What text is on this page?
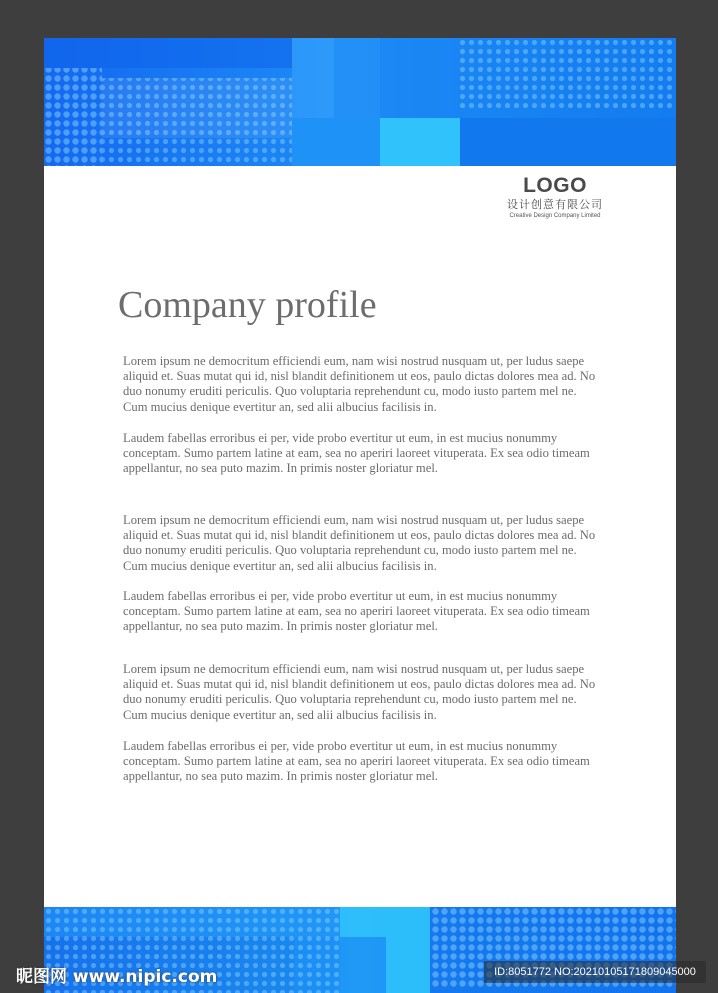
LOGO
设计创意有限公司
Creative Design Company Limited
Company profile

Lorem ipsum ne democritum efficiendi eum, nam wisi nostrud nusquam ut, per ludus saepe aliquid et. Suas mutat qui id, nisl blandit definitionem ut eos, paulo dictas dolores mea ad. No duo nonumy eruditi periculis. Quo voluptaria reprehendunt cu, modo iusto partem mel ne. Cum mucius denique evertitur an, sed alii albucius facilisis in.

Laudem fabellas erroribus ei per, vide probo evertitur ut eum, in est mucius nonummy conceptam. Sumo partem latine at eam, sea no aperiri laoreet vituperata. Ex sea odio timeam appellantur, no sea puto mazim. In primis noster gloriatur mel.

Lorem ipsum ne democritum efficiendi eum, nam wisi nostrud nusquam ut, per ludus saepe aliquid et. Suas mutat qui id, nisl blandit definitionem ut eos, paulo dictas dolores mea ad. No duo nonumy eruditi periculis. Quo voluptaria reprehendunt cu, modo iusto partem mel ne. Cum mucius denique evertitur an, sed alii albucius facilisis in.

Laudem fabellas erroribus ei per, vide probo evertitur ut eum, in est mucius nonummy conceptam. Sumo partem latine at eam, sea no aperiri laoreet vituperata. Ex sea odio timeam appellantur, no sea puto mazim. In primis noster gloriatur mel.

Lorem ipsum ne democritum efficiendi eum, nam wisi nostrud nusquam ut, per ludus saepe aliquid et. Suas mutat qui id, nisl blandit definitionem ut eos, paulo dictas dolores mea ad. No duo nonumy eruditi periculis. Quo voluptaria reprehendunt cu, modo iusto partem mel ne. Cum mucius denique evertitur an, sed alii albucius facilisis in.

Laudem fabellas erroribus ei per, vide probo evertitur ut eum, in est mucius nonummy conceptam. Sumo partem latine at eam, sea no aperiri laoreet vituperata. Ex sea odio timeam appellantur, no sea puto mazim. In primis noster gloriatur mel.

昵图网 www.nipic.com	ID:8051772 NO:20210105171809045000
